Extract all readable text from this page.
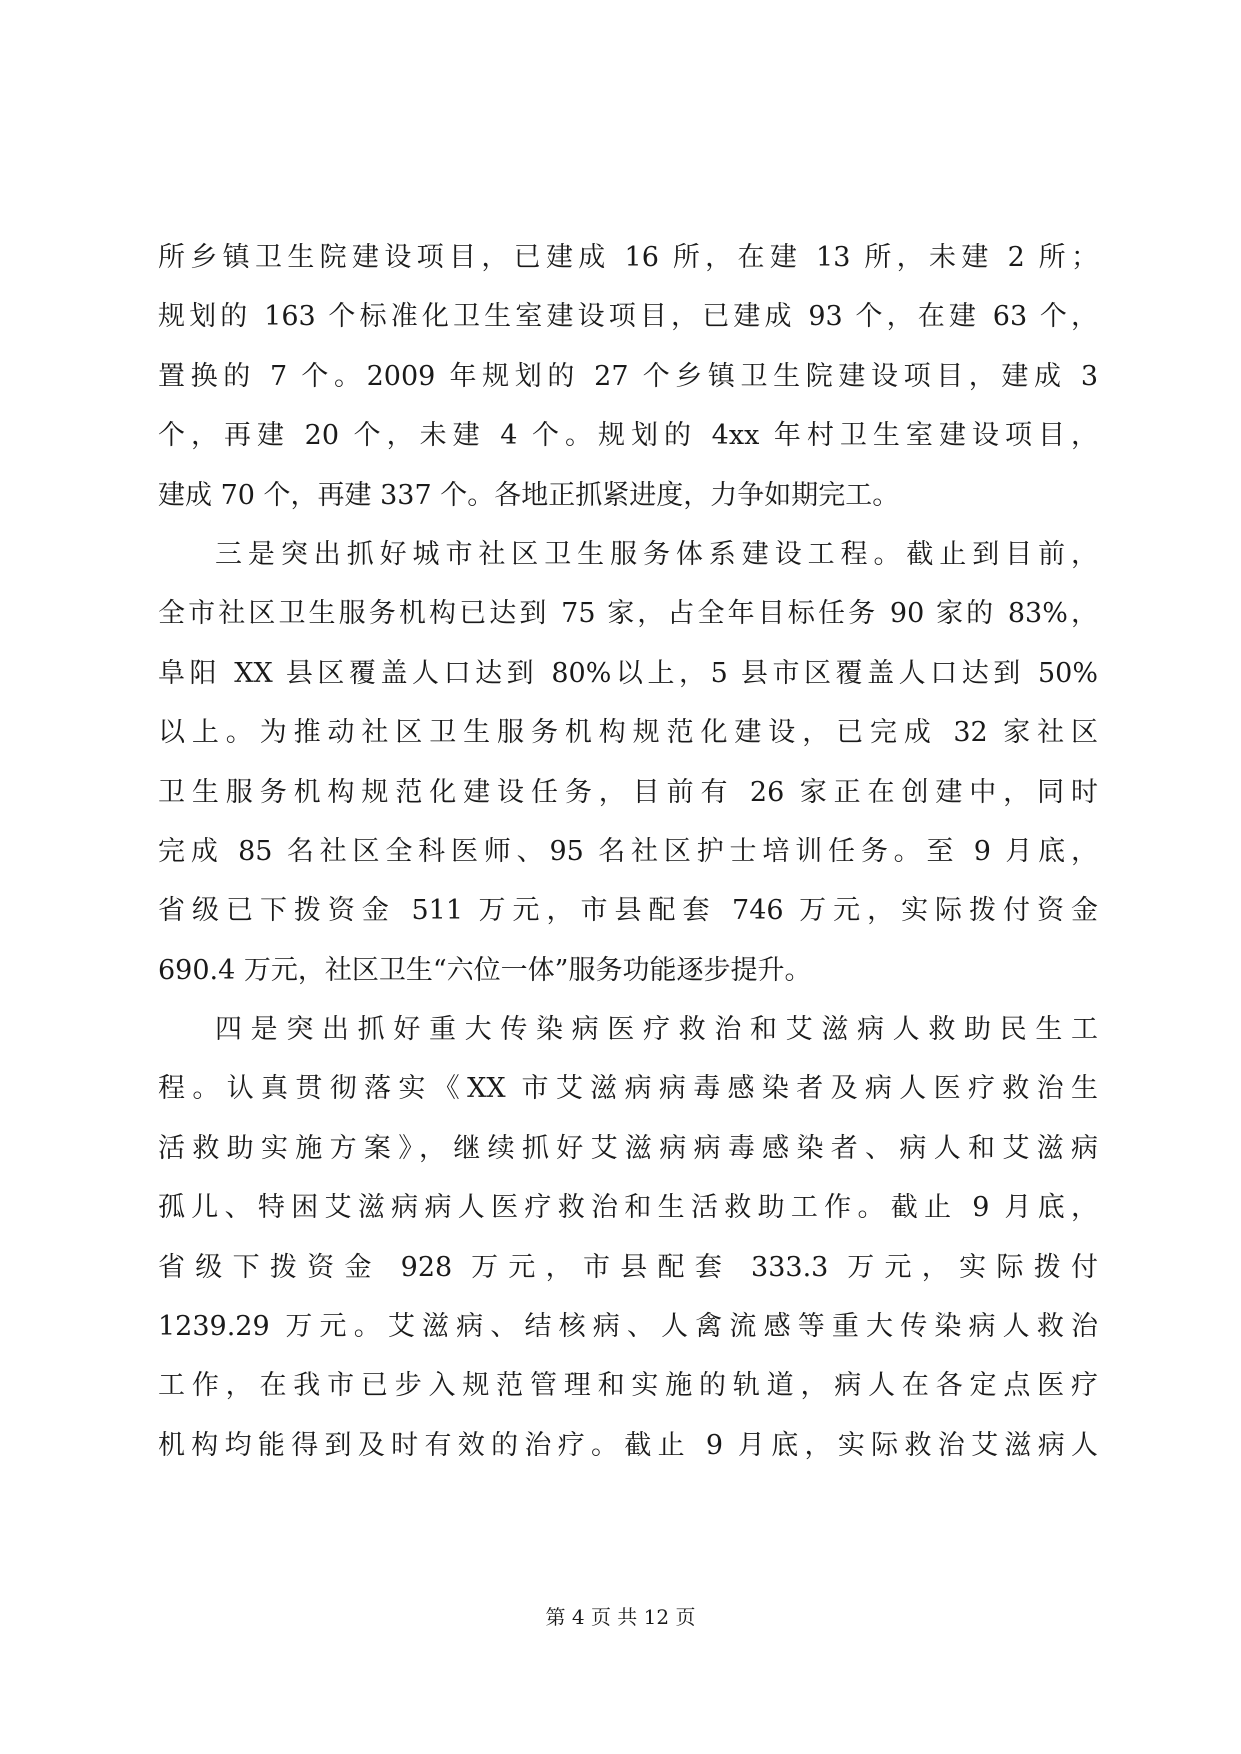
所乡镇卫生院建设项目，已建成 16 所，在建 13 所，未建 2 所；
规划的 163 个标准化卫生室建设项目，已建成 93 个，在建 63 个，
置换的 7 个。2009 年规划的 27 个乡镇卫生院建设项目，建成 3
个，再建 20 个，未建 4 个。规划的 4xx 年村卫生室建设项目，
建成 70 个，再建 337 个。各地正抓紧进度，力争如期完工。
三是突出抓好城市社区卫生服务体系建设工程。截止到目前，
全市社区卫生服务机构已达到 75 家，占全年目标任务 90 家的 83%，
阜阳 XX 县区覆盖人口达到 80%以上，5 县市区覆盖人口达到 50%
以上。为推动社区卫生服务机构规范化建设，已完成 32 家社区
卫生服务机构规范化建设任务，目前有 26 家正在创建中，同时
完成 85 名社区全科医师、95 名社区护士培训任务。至 9 月底，
省级已下拨资金 511 万元，市县配套 746 万元，实际拨付资金
690.4 万元，社区卫生“六位一体”服务功能逐步提升。
四是突出抓好重大传染病医疗救治和艾滋病人救助民生工
程。认真贯彻落实《XX 市艾滋病病毒感染者及病人医疗救治生
活救助实施方案》，继续抓好艾滋病病毒感染者、病人和艾滋病
孤儿、特困艾滋病病人医疗救治和生活救助工作。截止 9 月底，
省级下拨资金 928 万元，市县配套 333.3 万元，实际拨付
1239.29 万元。艾滋病、结核病、人禽流感等重大传染病人救治
工作，在我市已步入规范管理和实施的轨道，病人在各定点医疗
机构均能得到及时有效的治疗。截止 9 月底，实际救治艾滋病人
第 4 页 共 12 页
